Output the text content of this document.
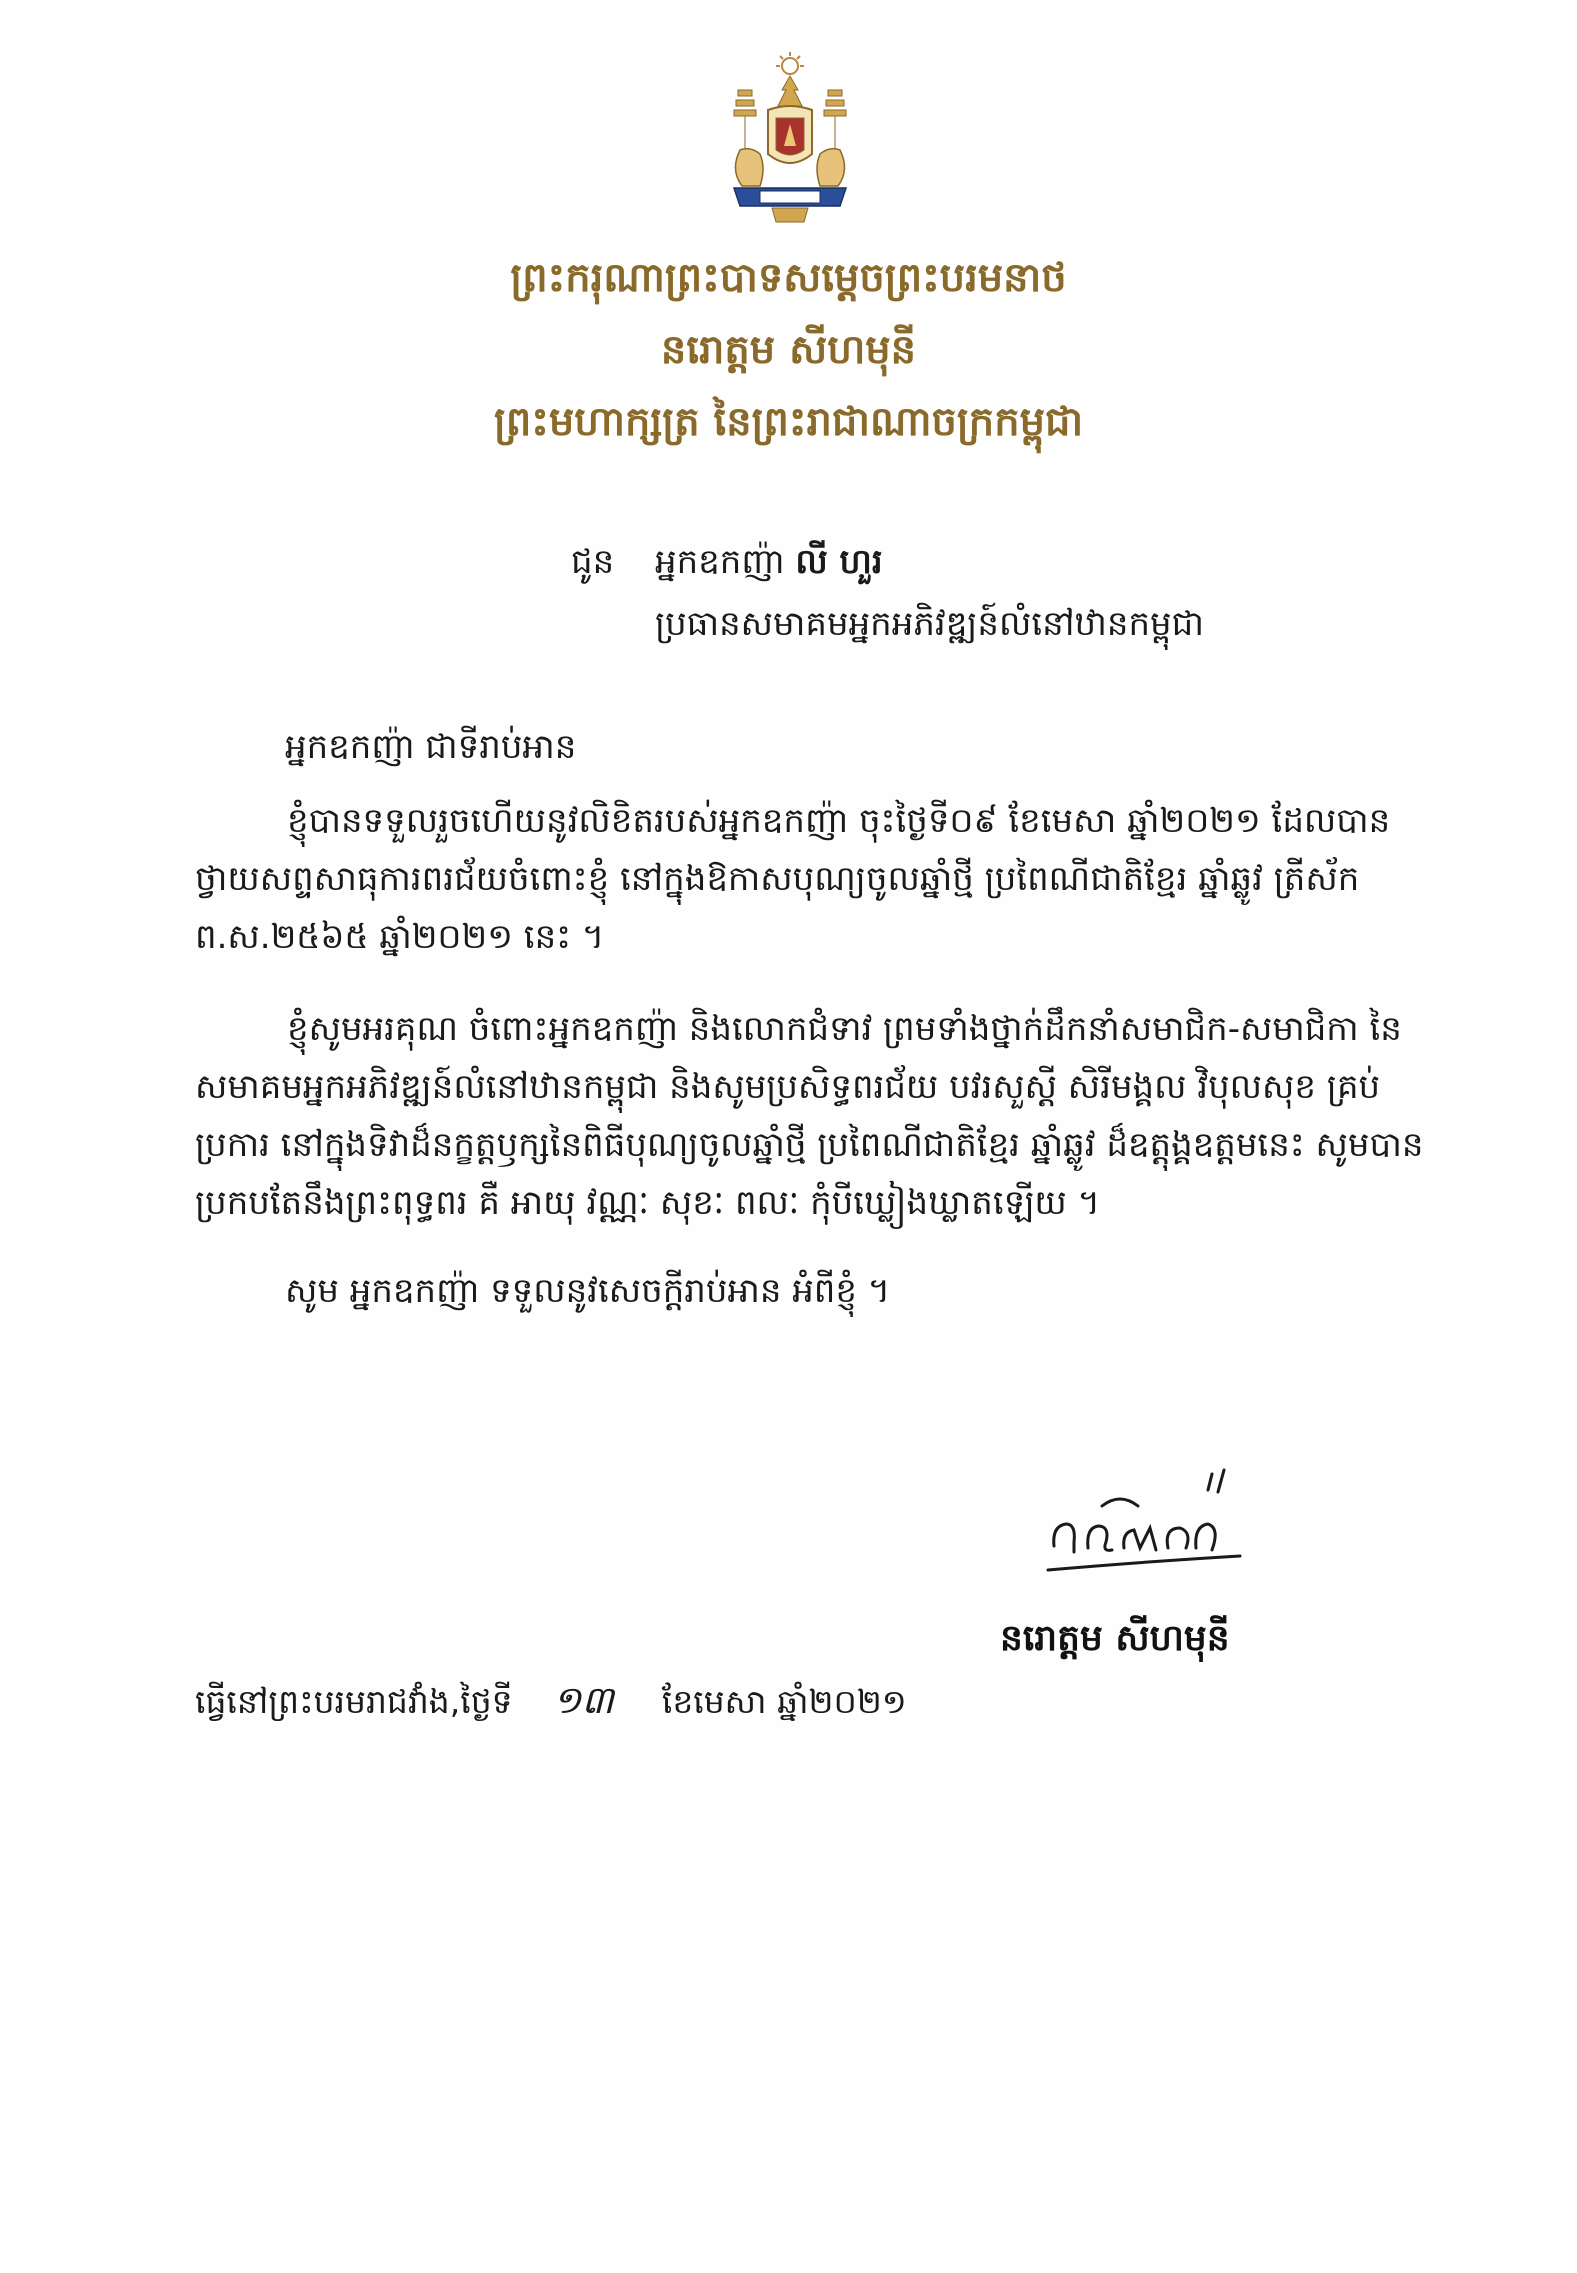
ព្រះករុណាព្រះបាទសម្តេចព្រះបរមនាថ
នរោត្តម សីហមុនី
ព្រះមហាក្សត្រ នៃព្រះរាជាណាចក្រកម្ពុជា
ជូន អ្នកឧកញ៉ា លី ហួរ
ប្រធានសមាគមអ្នកអភិវឌ្ឍន៍លំនៅឋានកម្ពុជា
អ្នកឧកញ៉ា ជាទីរាប់អាន
ខ្ញុំបានទទួលរួចហើយនូវលិខិតរបស់អ្នកឧកញ៉ា ចុះថ្ងៃទី០៩ ខែមេសា ឆ្នាំ២០២១ ដែលបានថ្វាយសព្ទសាធុការពរជ័យចំពោះខ្ញុំ នៅក្នុងឱកាសបុណ្យចូលឆ្នាំថ្មី ប្រពៃណីជាតិខ្មែរ ឆ្នាំឆ្លូវ ត្រីស័ក ព.ស.២៥៦៥ ឆ្នាំ២០២១ នេះ ។
ខ្ញុំសូមអរគុណ ចំពោះអ្នកឧកញ៉ា និងលោកជំទាវ ព្រមទាំងថ្នាក់ដឹកនាំសមាជិក-សមាជិកា នៃសមាគមអ្នកអភិវឌ្ឍន៍លំនៅឋានកម្ពុជា និងសូមប្រសិទ្ធពរជ័យ បវរសួស្តី សិរីមង្គល វិបុលសុខ គ្រប់ប្រការ នៅក្នុងទិវាដ៏នក្ខត្តឫក្សនៃពិធីបុណ្យចូលឆ្នាំថ្មី ប្រពៃណីជាតិខ្មែរ ឆ្នាំឆ្លូវ ដ៏ឧត្តុង្គឧត្តមនេះ សូមបានប្រកបតែនឹងព្រះពុទ្ធពរ គឺ អាយុ វណ្ណៈ សុខៈ ពលៈ កុំបីឃ្លៀងឃ្លាតឡើយ ។
សូម អ្នកឧកញ៉ា ទទួលនូវសេចក្តីរាប់អាន អំពីខ្ញុំ ។
នរោត្តម សីហមុនី
ធ្វើនៅព្រះបរមរាជវាំង,ថ្ងៃទី ១៣ ខែមេសា ឆ្នាំ២០២១
